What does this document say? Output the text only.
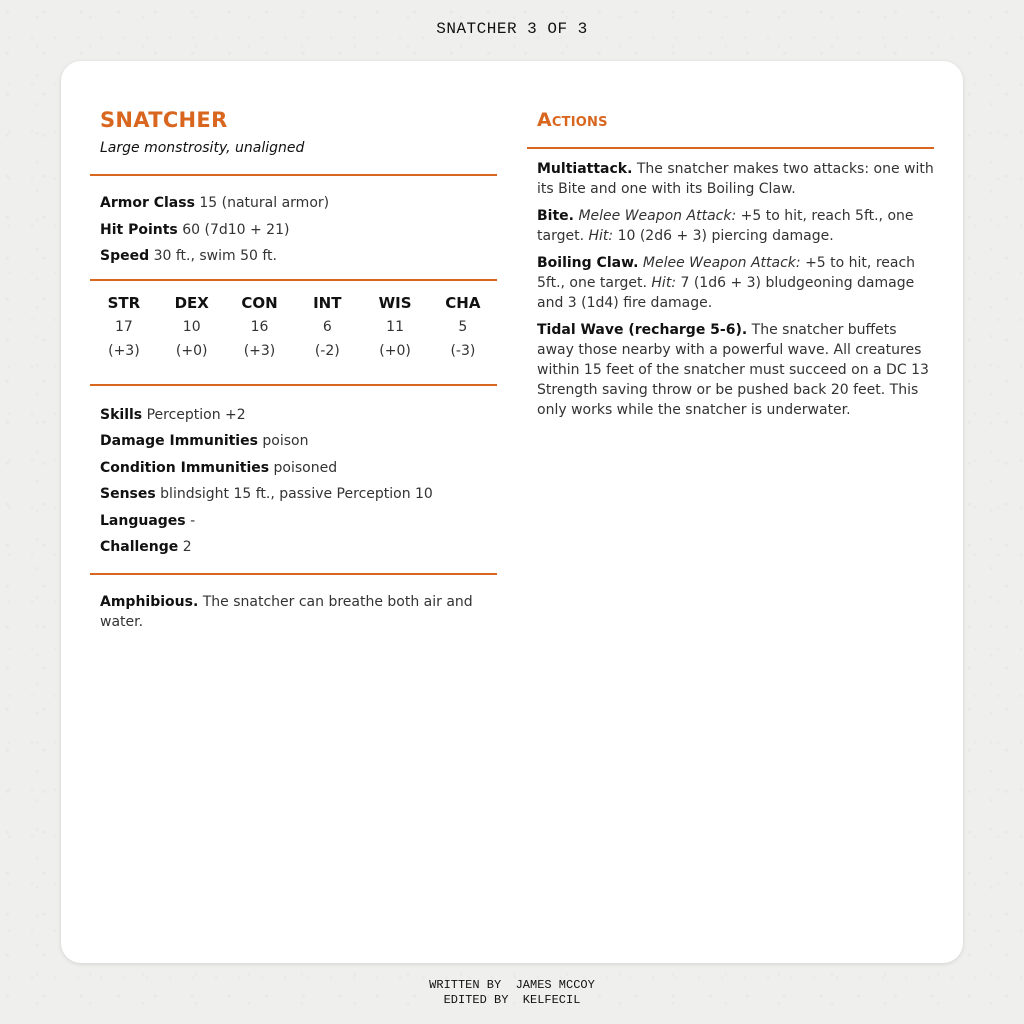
SNATCHER 3 OF 3
SNATCHER
Large monstrosity, unaligned
Armor Class 15 (natural armor)
Hit Points 60 (7d10 + 21)
Speed 30 ft., swim 50 ft.
STR
17
(+3)
DEX
10
(+0)
CON
16
(+3)
INT
6
(-2)
WIS
11
(+0)
CHA
5
(-3)
Skills Perception +2
Damage Immunities poison
Condition Immunities poisoned
Senses blindsight 15 ft., passive Perception 10
Languages -
Challenge 2
Amphibious. The snatcher can breathe both air and water.
Actions
Multiattack. The snatcher makes two attacks: one with its Bite and one with its Boiling Claw.
Bite. Melee Weapon Attack: +5 to hit, reach 5ft., one target. Hit: 10 (2d6 + 3) piercing damage.
Boiling Claw. Melee Weapon Attack: +5 to hit, reach 5ft., one target. Hit: 7 (1d6 + 3) bludgeoning damage and 3 (1d4) fire damage.
Tidal Wave (recharge 5-6). The snatcher buffets away those nearby with a powerful wave. All creatures within 15 feet of the snatcher must succeed on a DC 13 Strength saving throw or be pushed back 20 feet. This only works while the snatcher is underwater.
WRITTEN BY  JAMES MCCOY
EDITED BY  KELFECIL
